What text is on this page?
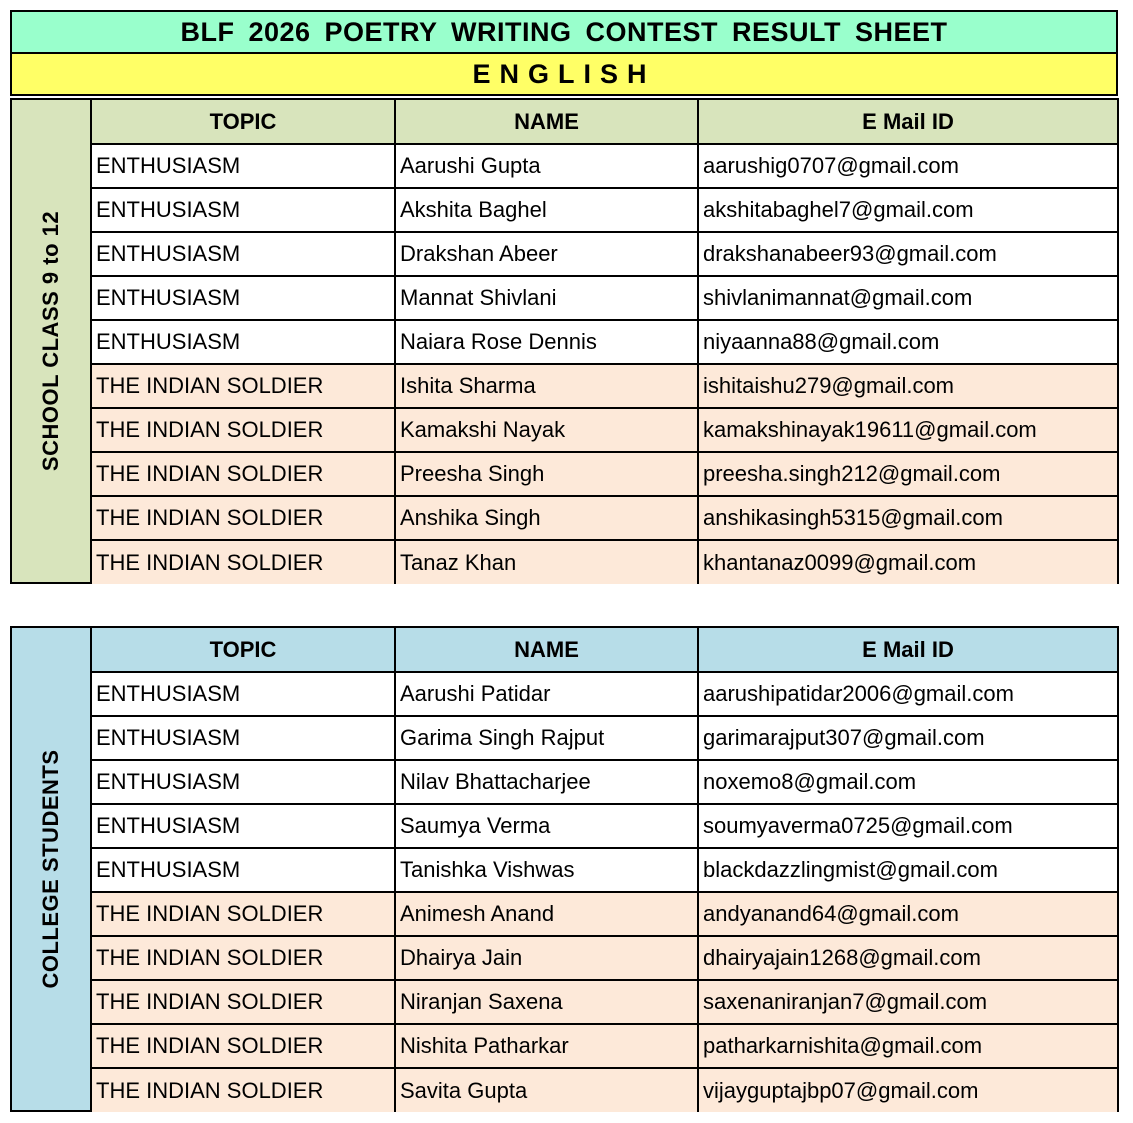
BLF 2026 POETRY WRITING CONTEST RESULT SHEET
ENGLISH
SCHOOL CLASS 9 to 12
TOPIC	NAME	E Mail ID
ENTHUSIASM	Aarushi Gupta	aarushig0707@gmail.com
ENTHUSIASM	Akshita Baghel	akshitabaghel7@gmail.com
ENTHUSIASM	Drakshan Abeer	drakshanabeer93@gmail.com
ENTHUSIASM	Mannat Shivlani	shivlanimannat@gmail.com
ENTHUSIASM	Naiara Rose Dennis	niyaanna88@gmail.com
THE INDIAN SOLDIER	Ishita Sharma	ishitaishu279@gmail.com
THE INDIAN SOLDIER	Kamakshi Nayak	kamakshinayak19611@gmail.com
THE INDIAN SOLDIER	Preesha Singh	preesha.singh212@gmail.com
THE INDIAN SOLDIER	Anshika Singh	anshikasingh5315@gmail.com
THE INDIAN SOLDIER	Tanaz Khan	khantanaz0099@gmail.com
COLLEGE STUDENTS
TOPIC	NAME	E Mail ID
ENTHUSIASM	Aarushi Patidar	aarushipatidar2006@gmail.com
ENTHUSIASM	Garima Singh Rajput	garimarajput307@gmail.com
ENTHUSIASM	Nilav Bhattacharjee	noxemo8@gmail.com
ENTHUSIASM	Saumya Verma	soumyaverma0725@gmail.com
ENTHUSIASM	Tanishka Vishwas	blackdazzlingmist@gmail.com
THE INDIAN SOLDIER	Animesh Anand	andyanand64@gmail.com
THE INDIAN SOLDIER	Dhairya Jain	dhairyajain1268@gmail.com
THE INDIAN SOLDIER	Niranjan Saxena	saxenaniranjan7@gmail.com
THE INDIAN SOLDIER	Nishita Patharkar	patharkarnishita@gmail.com
THE INDIAN SOLDIER	Savita Gupta	vijayguptajbp07@gmail.com
